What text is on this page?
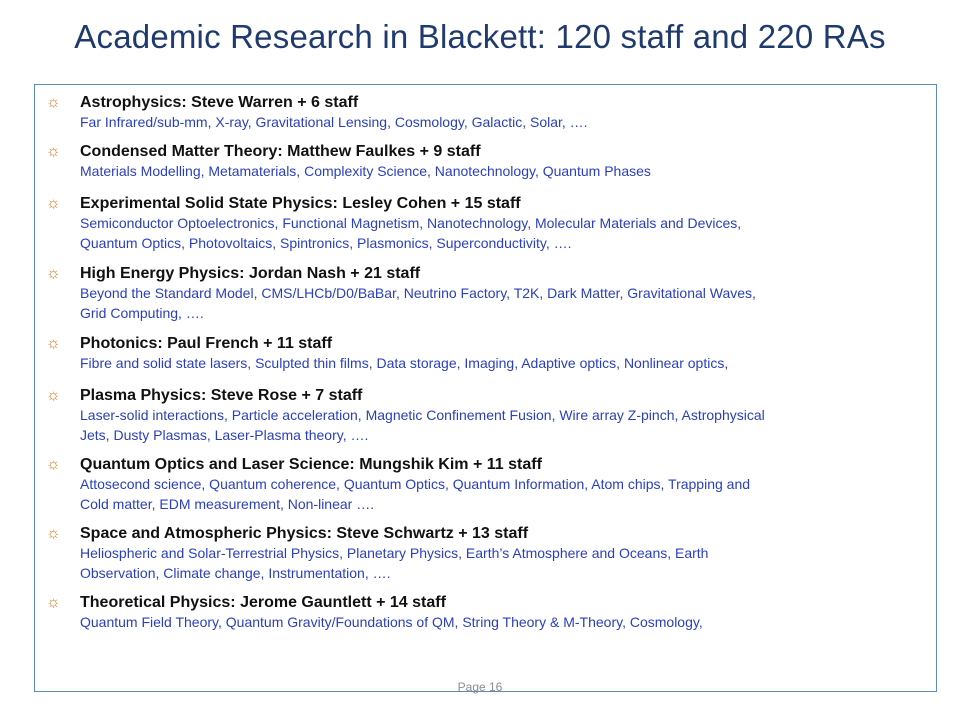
Academic Research in Blackett: 120 staff and 220 RAs
☼ Astrophysics: Steve Warren + 6 staff
Far Infrared/sub-mm, X-ray, Gravitational Lensing, Cosmology, Galactic, Solar, ….
☼ Condensed Matter Theory: Matthew Faulkes + 9 staff
Materials Modelling, Metamaterials, Complexity Science, Nanotechnology, Quantum Phases
☼ Experimental Solid State Physics: Lesley Cohen + 15 staff
Semiconductor Optoelectronics, Functional Magnetism, Nanotechnology, Molecular Materials and Devices,
Quantum Optics, Photovoltaics, Spintronics, Plasmonics, Superconductivity, ….
☼ High Energy Physics: Jordan Nash + 21 staff
Beyond the Standard Model, CMS/LHCb/D0/BaBar, Neutrino Factory, T2K, Dark Matter, Gravitational Waves,
Grid Computing, ….
☼ Photonics: Paul French + 11 staff
Fibre and solid state lasers, Sculpted thin films, Data storage, Imaging, Adaptive optics, Nonlinear optics,
☼ Plasma Physics: Steve Rose + 7 staff
Laser-solid interactions, Particle acceleration, Magnetic Confinement Fusion, Wire array Z-pinch, Astrophysical
Jets, Dusty Plasmas, Laser-Plasma theory, ….
☼ Quantum Optics and Laser Science: Mungshik Kim + 11 staff
Attosecond science, Quantum coherence, Quantum Optics, Quantum Information, Atom chips, Trapping and
Cold matter, EDM measurement, Non-linear ….
☼ Space and Atmospheric Physics: Steve Schwartz + 13 staff
Heliospheric and Solar-Terrestrial Physics, Planetary Physics, Earth’s Atmosphere and Oceans, Earth
Observation, Climate change, Instrumentation, ….
☼ Theoretical Physics: Jerome Gauntlett + 14 staff
Quantum Field Theory, Quantum Gravity/Foundations of QM, String Theory & M-Theory, Cosmology,
Page 16
